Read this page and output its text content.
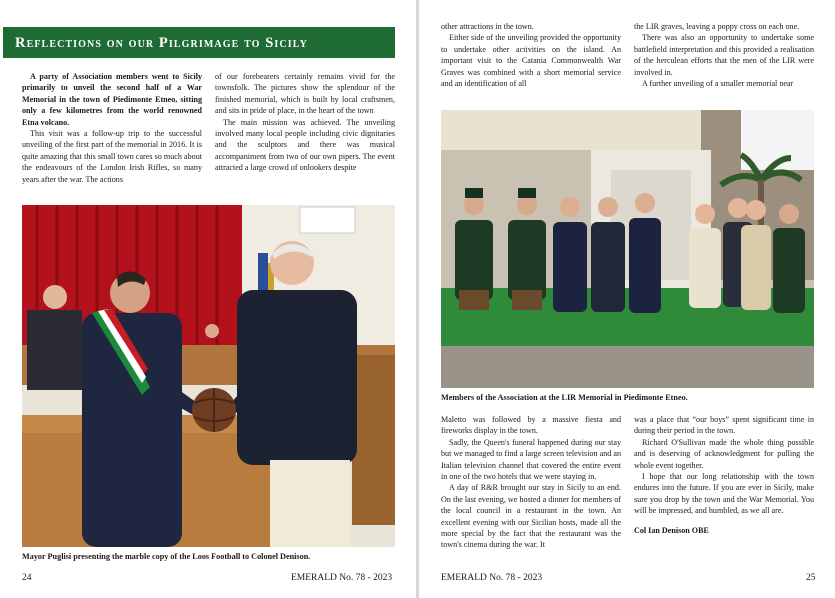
Reflections on our Pilgrimage to Sicily

A party of Association members went to Sicily primarily to unveil the second half of a War Memorial in the town of Piedimonte Etneo, sitting only a few kilometres from the world renowned Etna volcano.

This visit was a follow-up trip to the successful unveiling of the first part of the memorial in 2016. It is quite amazing that this small town cares so much about the endeavours of the London Irish Rifles, so many years after the war. The actions

of our forebearers certainly remains vivid for the townsfolk. The pictures show the splendour of the finished memorial, which is built by local craftsmen, and sits in pride of place, in the heart of the town

The main mission was achieved. The unveiling involved many local people including civic dignitaries and the sculptors and there was musical accompaniment from two of our own pipers. The event attracted a large crowd of onlookers despite

Mayor Puglisi presenting the marble copy of the Loos Football to Colonel Denison.
24	EMERALD No. 78 - 2023

other attractions in the town.

Either side of the unveiling provided the opportunity to undertake other activities on the island. An important visit to the Catania Commonwealth War Graves was combined with a short memorial service and an identification of all

the LIR graves, leaving a poppy cross on each one.

There was also an opportunity to undertake some battlefield interpretation and this provided a realisation of the herculean efforts that the men of the LIR were involved in.

A further unveiling of a smaller memorial near

Members of the Association at the LIR Memorial in Piedimonte Etneo.

Maletto was followed by a massive fiesta and fireworks display in the town.

Sadly, the Queen's funeral happened during our stay but we managed to find a large screen television and an Italian television channel that covered the entire event in one of the two hotels that we were staying in.

A day of R&R brought our stay in Sicily to an end. On the last evening, we hosted a dinner for members of the local council in a restaurant in the town. An excellent evening with our Sicilian hosts, made all the more special by the fact that the restaurant was the town's cinema during the war. It

was a place that “our boys” spent significant time in during their period in the town.

Richard O'Sullivan made the whole thing possible and is deserving of acknowledgment for pulling the whole event together.

I hope that our long relationship with the town endures into the future. If you are ever in Sicily, make sure you drop by the town and the War Memorial. You will be impressed, and humbled, as we all are.

Col Ian Denison OBE

EMERALD No. 78 - 2023	25
